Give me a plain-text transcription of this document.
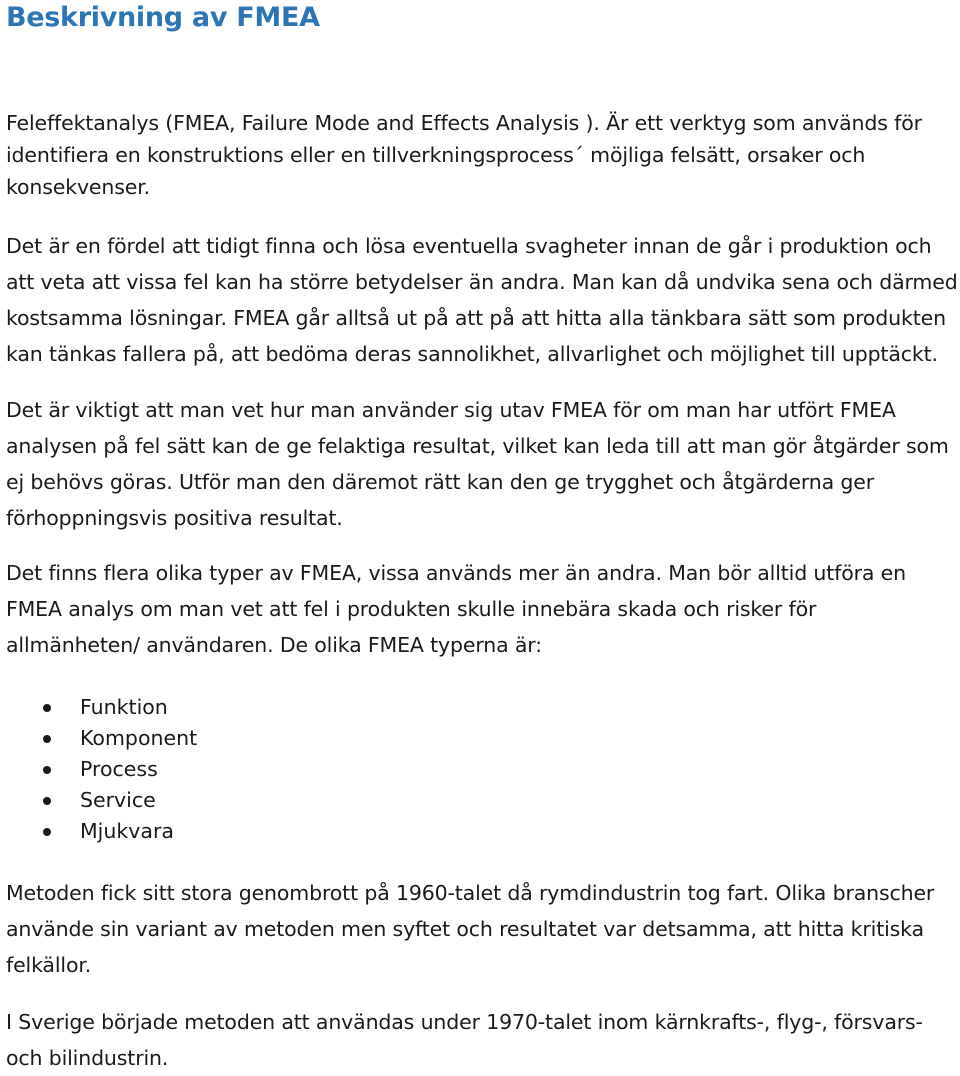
Beskrivning av FMEA

Feleffektanalys (FMEA, Failure Mode and Effects Analysis ). Är ett verktyg som används för
identifiera en konstruktions eller en tillverkningsprocess´ möjliga felsätt, orsaker och
konsekvenser.

Det är en fördel att tidigt finna och lösa eventuella svagheter innan de går i produktion och
att veta att vissa fel kan ha större betydelser än andra. Man kan då undvika sena och därmed
kostsamma lösningar. FMEA går alltså ut på att på att hitta alla tänkbara sätt som produkten
kan tänkas fallera på, att bedöma deras sannolikhet, allvarlighet och möjlighet till upptäckt.

Det är viktigt att man vet hur man använder sig utav FMEA för om man har utfört FMEA
analysen på fel sätt kan de ge felaktiga resultat, vilket kan leda till att man gör åtgärder som
ej behövs göras. Utför man den däremot rätt kan den ge trygghet och åtgärderna ger
förhoppningsvis positiva resultat.

Det finns flera olika typer av FMEA, vissa används mer än andra. Man bör alltid utföra en
FMEA analys om man vet att fel i produkten skulle innebära skada och risker för
allmänheten/ användaren. De olika FMEA typerna är:

Funktion
Komponent
Process
Service
Mjukvara

Metoden fick sitt stora genombrott på 1960-talet då rymdindustrin tog fart. Olika branscher
använde sin variant av metoden men syftet och resultatet var detsamma, att hitta kritiska
felkällor.

I Sverige började metoden att användas under 1970-talet inom kärnkrafts-, flyg-, försvars-
och bilindustrin.
